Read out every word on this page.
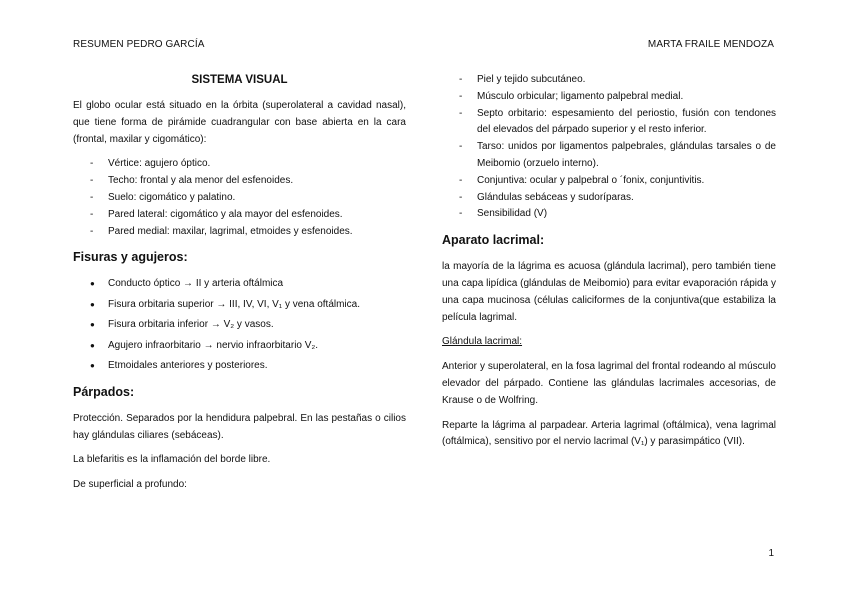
RESUMEN PEDRO GARCÍA	MARTA FRAILE MENDOZA
SISTEMA VISUAL

El globo ocular está situado en la órbita (superolateral a cavidad nasal), que tiene forma de pirámide cuadrangular con base abierta en la cara (frontal, maxilar y cigomático):

- Vértice: agujero óptico.
- Techo: frontal y ala menor del esfenoides.
- Suelo: cigomático y palatino.
- Pared lateral: cigomático y ala mayor del esfenoides.
- Pared medial: maxilar, lagrimal, etmoides y esfenoides.
Fisuras y agujeros:
● Conducto óptico → II y arteria oftálmica
● Fisura orbitaria superior → III, IV, VI, V₁ y vena oftálmica.
● Fisura orbitaria inferior → V₂ y vasos.
● Agujero infraorbitario → nervio infraorbitario V₂.
● Etmoidales anteriores y posteriores.
Párpados:

Protección. Separados por la hendidura palpebral. En las pestañas o cilios hay glándulas ciliares (sebáceas).

La blefaritis es la inflamación del borde libre.

De superficial a profundo:

- Piel y tejido subcutáneo.
- Músculo orbicular; ligamento palpebral medial.
- Septo orbitario: espesamiento del periostio, fusión con tendones del elevados del párpado superior y el resto inferior.
- Tarso: unidos por ligamentos palpebrales, glándulas tarsales o de Meibomio (orzuelo interno).
- Conjuntiva: ocular y palpebral o ´fonix, conjuntivitis.
- Glándulas sebáceas y sudoríparas.
- Sensibilidad (V)
Aparato lacrimal:

la mayoría de la lágrima es acuosa (glándula lacrimal), pero también tiene una capa lipídica (glándulas de Meibomio) para evitar evaporación rápida y una capa mucinosa (células caliciformes de la conjuntiva(que estabiliza la película lagrimal.

Glándula lacrimal:

Anterior y superolateral, en la fosa lagrimal del frontal rodeando al músculo elevador del párpado. Contiene las glándulas lacrimales accesorias, de Krause o de Wolfring.

Reparte la lágrima al parpadear. Arteria lagrimal (oftálmica), vena lagrimal (oftálmica), sensitivo por el nervio lacrimal (V₁) y parasimpático (VII).

1
